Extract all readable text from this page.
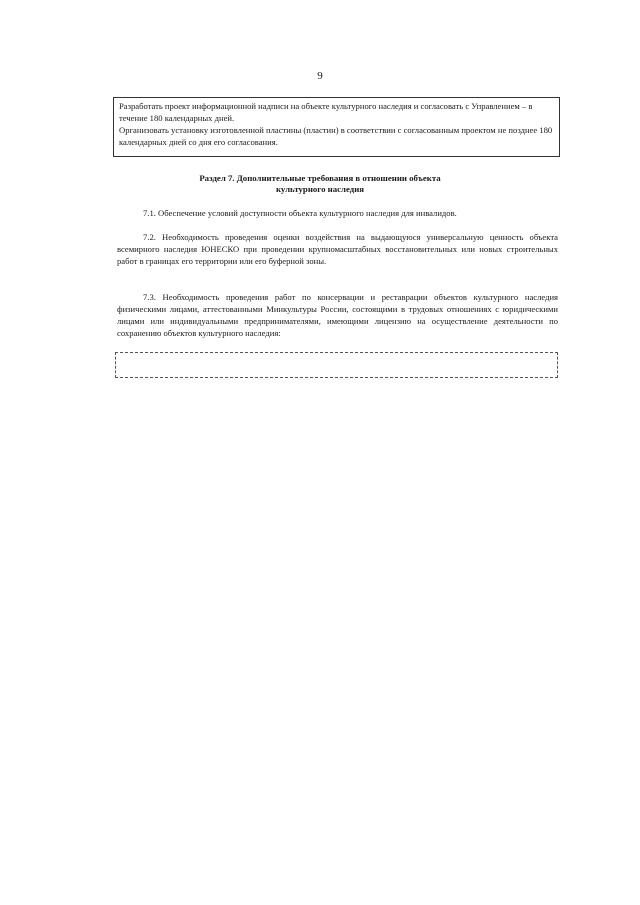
9

Разработать проект информационной надписи на объекте культурного наследия и согласовать с Управлением – в течение 180 календарных дней.

Организовать установку изготовленной пластины (пластин) в соответствии с согласованным проектом не позднее 180 календарных дней со дня его согласования.

Раздел 7. Дополнительные требования в отношении объекта
культурного наследия

7.1. Обеспечение условий доступности объекта культурного наследия для инвалидов.

7.2. Необходимость проведения оценки воздействия на выдающуюся универсальную ценность объекта всемирного наследия ЮНЕСКО при проведении крупномасштабных восстановительных или новых строительных работ в границах его территории или его буферной зоны.

7.3. Необходимость проведения работ по консервации и реставрации объектов культурного наследия физическими лицами, аттестованными Минкультуры России, состоящими в трудовых отношениях с юридическими лицами или индивидуальными предпринимателями, имеющими лицензию на осуществление деятельности по сохранению объектов культурного наследия:
